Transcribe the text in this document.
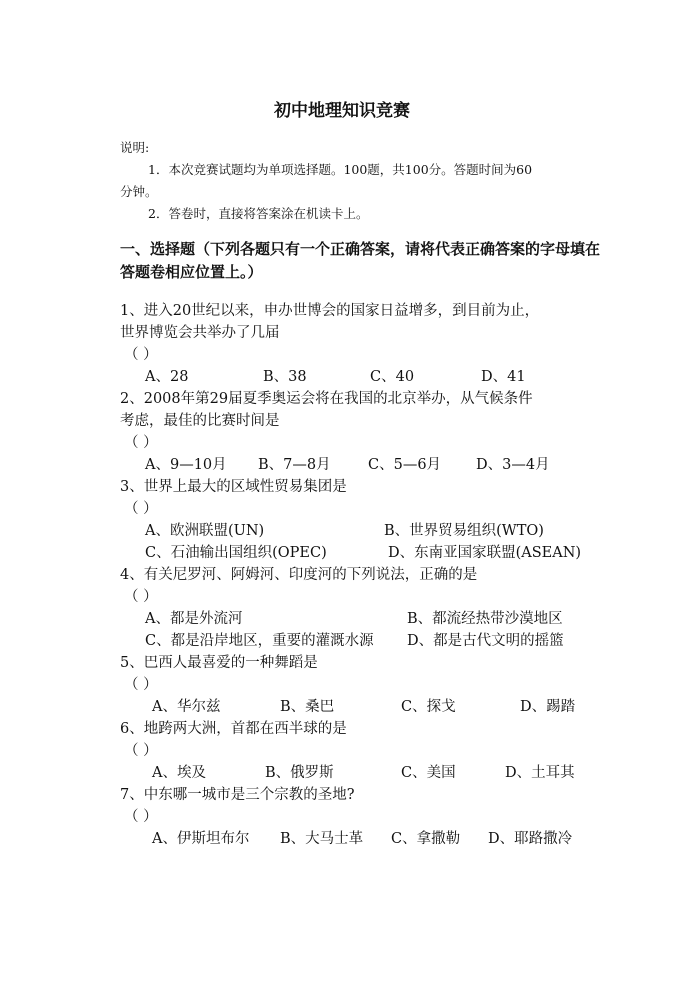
初中地理知识竞赛
说明:
1．本次竞赛试题均为单项选择题。100题，共100分。答题时间为60
分钟。
2．答卷时，直接将答案涂在机读卡上。
一、选择题（下列各题只有一个正确答案，请将代表正确答案的字母填在
答题卷相应位置上。）
1、进入20世纪以来，申办世博会的国家日益增多，到目前为止，
世界博览会共举办了几届
（ ）
A、28	B、38	C、40	D、41
2、2008年第29届夏季奥运会将在我国的北京举办，从气候条件
考虑，最佳的比赛时间是
（ ）
A、9—10月 B、7—8月	C、5—6月 D、3—4月
3、世界上最大的区域性贸易集团是
（ ）
A、欧洲联盟(UN)	B、世界贸易组织(WTO)
C、石油输出国组织(OPEC)	D、东南亚国家联盟(ASEAN)
4、有关尼罗河、阿姆河、印度河的下列说法，正确的是
（ ）
A、都是外流河	B、都流经热带沙漠地区
C、都是沿岸地区，重要的灌溉水源 D、都是古代文明的摇篮
5、巴西人最喜爱的一种舞蹈是
（ ）
A、华尔兹	B、桑巴	C、探戈	D、踢踏
6、地跨两大洲，首都在西半球的是
（ ）
A、埃及	B、俄罗斯	C、美国	D、土耳其
7、中东哪一城市是三个宗教的圣地?
（ ）
A、伊斯坦布尔 B、大马士革 C、拿撒勒 D、耶路撒冷
